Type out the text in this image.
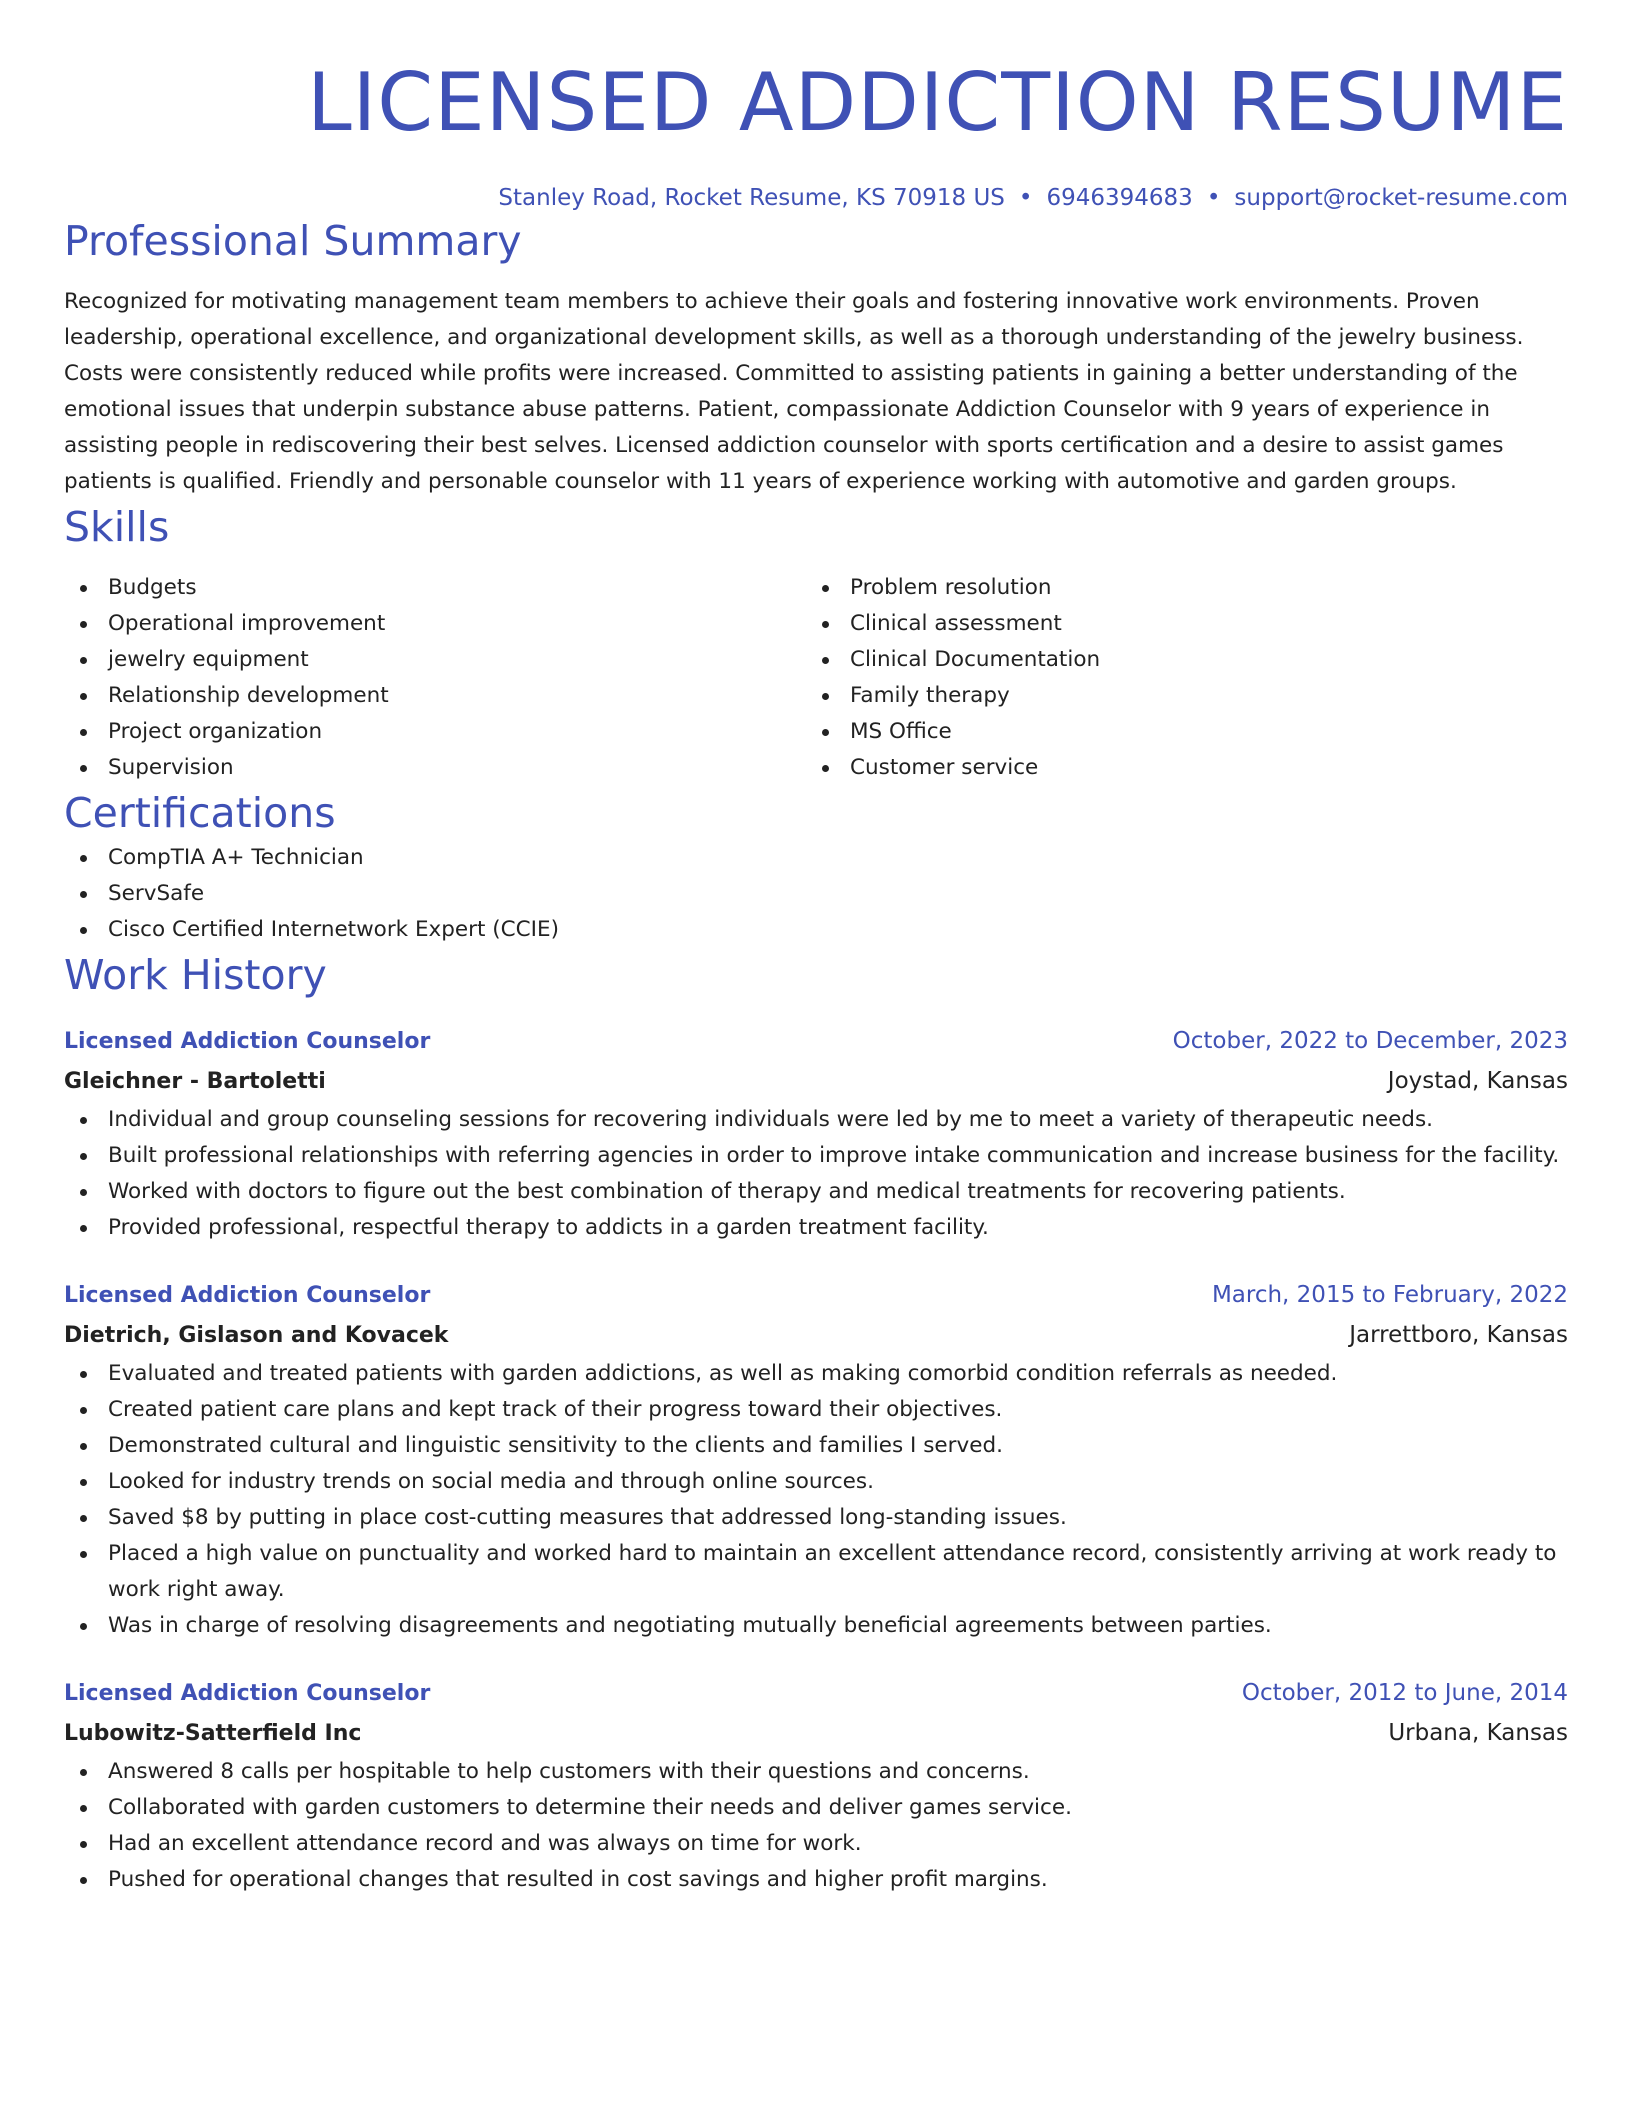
LICENSED ADDICTION RESUME
Stanley Road, Rocket Resume, KS 70918 US • 6946394683 • support@rocket-resume.com
Professional Summary

Recognized for motivating management team members to achieve their goals and fostering innovative work environments. Proven leadership, operational excellence, and organizational development skills, as well as a thorough understanding of the jewelry business. Costs were consistently reduced while profits were increased. Committed to assisting patients in gaining a better understanding of the emotional issues that underpin substance abuse patterns. Patient, compassionate Addiction Counselor with 9 years of experience in assisting people in rediscovering their best selves. Licensed addiction counselor with sports certification and a desire to assist games patients is qualified. Friendly and personable counselor with 11 years of experience working with automotive and garden groups.

Skills
Budgets
Operational improvement
jewelry equipment
Relationship development
Project organization
Supervision
Problem resolution
Clinical assessment
Clinical Documentation
Family therapy
MS Office
Customer service
Certifications
CompTIA A+ Technician
ServSafe
Cisco Certified Internetwork Expert (CCIE)
Work History
Licensed Addiction Counselor	October, 2022 to December, 2023
Gleichner - Bartoletti	Joystad, Kansas
Individual and group counseling sessions for recovering individuals were led by me to meet a variety of therapeutic needs.
Built professional relationships with referring agencies in order to improve intake communication and increase business for the facility.
Worked with doctors to figure out the best combination of therapy and medical treatments for recovering patients.
Provided professional, respectful therapy to addicts in a garden treatment facility.
Licensed Addiction Counselor	March, 2015 to February, 2022
Dietrich, Gislason and Kovacek	Jarrettboro, Kansas
Evaluated and treated patients with garden addictions, as well as making comorbid condition referrals as needed.
Created patient care plans and kept track of their progress toward their objectives.
Demonstrated cultural and linguistic sensitivity to the clients and families I served.
Looked for industry trends on social media and through online sources.
Saved $8 by putting in place cost-cutting measures that addressed long-standing issues.
Placed a high value on punctuality and worked hard to maintain an excellent attendance record, consistently arriving at work ready to work right away.
Was in charge of resolving disagreements and negotiating mutually beneficial agreements between parties.
Licensed Addiction Counselor	October, 2012 to June, 2014
Lubowitz-Satterfield Inc	Urbana, Kansas
Answered 8 calls per hospitable to help customers with their questions and concerns.
Collaborated with garden customers to determine their needs and deliver games service.
Had an excellent attendance record and was always on time for work.
Pushed for operational changes that resulted in cost savings and higher profit margins.
